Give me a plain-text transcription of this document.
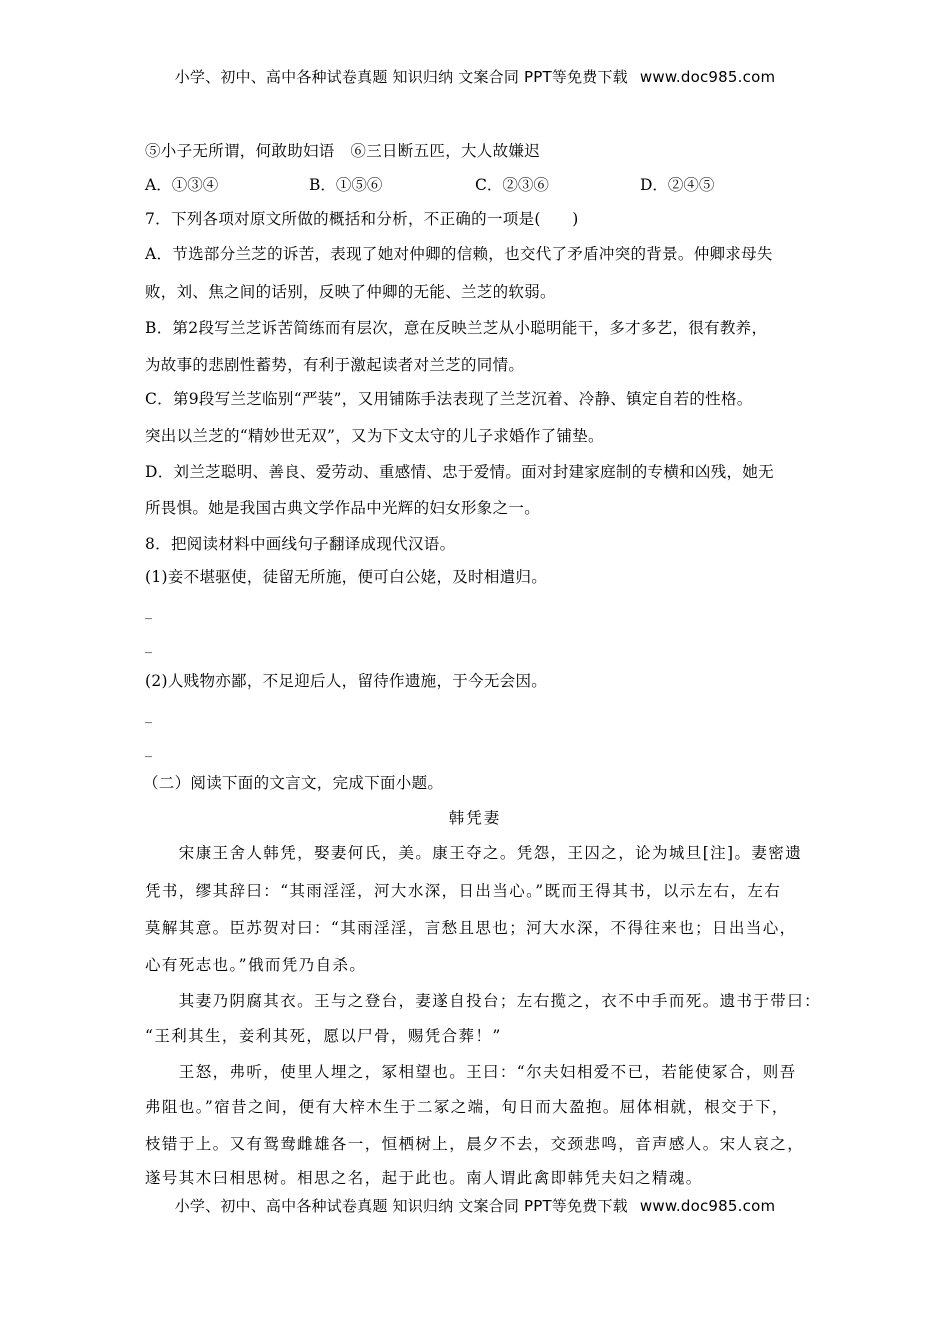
小学、初中、高中各种试卷真题 知识归纳 文案合同 PPT等免费下载 www.doc985.com
⑤小子无所谓，何敢助妇语　⑥三日断五匹，大人故嫌迟
A．①③④	B．①⑤⑥	C．②③⑥	D．②④⑤
7．下列各项对原文所做的概括和分析，不正确的一项是(　　)
A．节选部分兰芝的诉苦，表现了她对仲卿的信赖，也交代了矛盾冲突的背景。仲卿求母失
败，刘、焦之间的话别，反映了仲卿的无能、兰芝的软弱。
B．第2段写兰芝诉苦简练而有层次，意在反映兰芝从小聪明能干，多才多艺，很有教养，
为故事的悲剧性蓄势，有利于激起读者对兰芝的同情。
C．第9段写兰芝临别“严装”，又用铺陈手法表现了兰芝沉着、冷静、镇定自若的性格。
突出以兰芝的“精妙世无双”，又为下文太守的儿子求婚作了铺垫。
D．刘兰芝聪明、善良、爱劳动、重感情、忠于爱情。面对封建家庭制的专横和凶残，她无
所畏惧。她是我国古典文学作品中光辉的妇女形象之一。
8．把阅读材料中画线句子翻译成现代汉语。
(1)妾不堪驱使，徒留无所施，便可白公姥，及时相遣归。
_
_
(2)人贱物亦鄙，不足迎后人，留待作遗施，于今无会因。
_
_
（二）阅读下面的文言文，完成下面小题。
韩凭妻
　　宋康王舍人韩凭，娶妻何氏，美。康王夺之。凭怨，王囚之，论为城旦[注]。妻密遗
凭书，缪其辞曰：“其雨淫淫，河大水深，日出当心。”既而王得其书，以示左右，左右
莫解其意。臣苏贺对曰：“其雨淫淫，言愁且思也；河大水深，不得往来也；日出当心，
心有死志也。”俄而凭乃自杀。
　　其妻乃阴腐其衣。王与之登台，妻遂自投台；左右揽之，衣不中手而死。遗书于带曰：
“王利其生，妾利其死，愿以尸骨，赐凭合葬！”
　　王怒，弗听，使里人埋之，冢相望也。王曰：“尔夫妇相爱不已，若能使冢合，则吾
弗阻也。”宿昔之间，便有大梓木生于二冢之端，旬日而大盈抱。屈体相就，根交于下，
枝错于上。又有鸳鸯雌雄各一，恒栖树上，晨夕不去，交颈悲鸣，音声感人。宋人哀之，
遂号其木曰相思树。相思之名，起于此也。南人谓此禽即韩凭夫妇之精魂。
小学、初中、高中各种试卷真题 知识归纳 文案合同 PPT等免费下载 www.doc985.com
